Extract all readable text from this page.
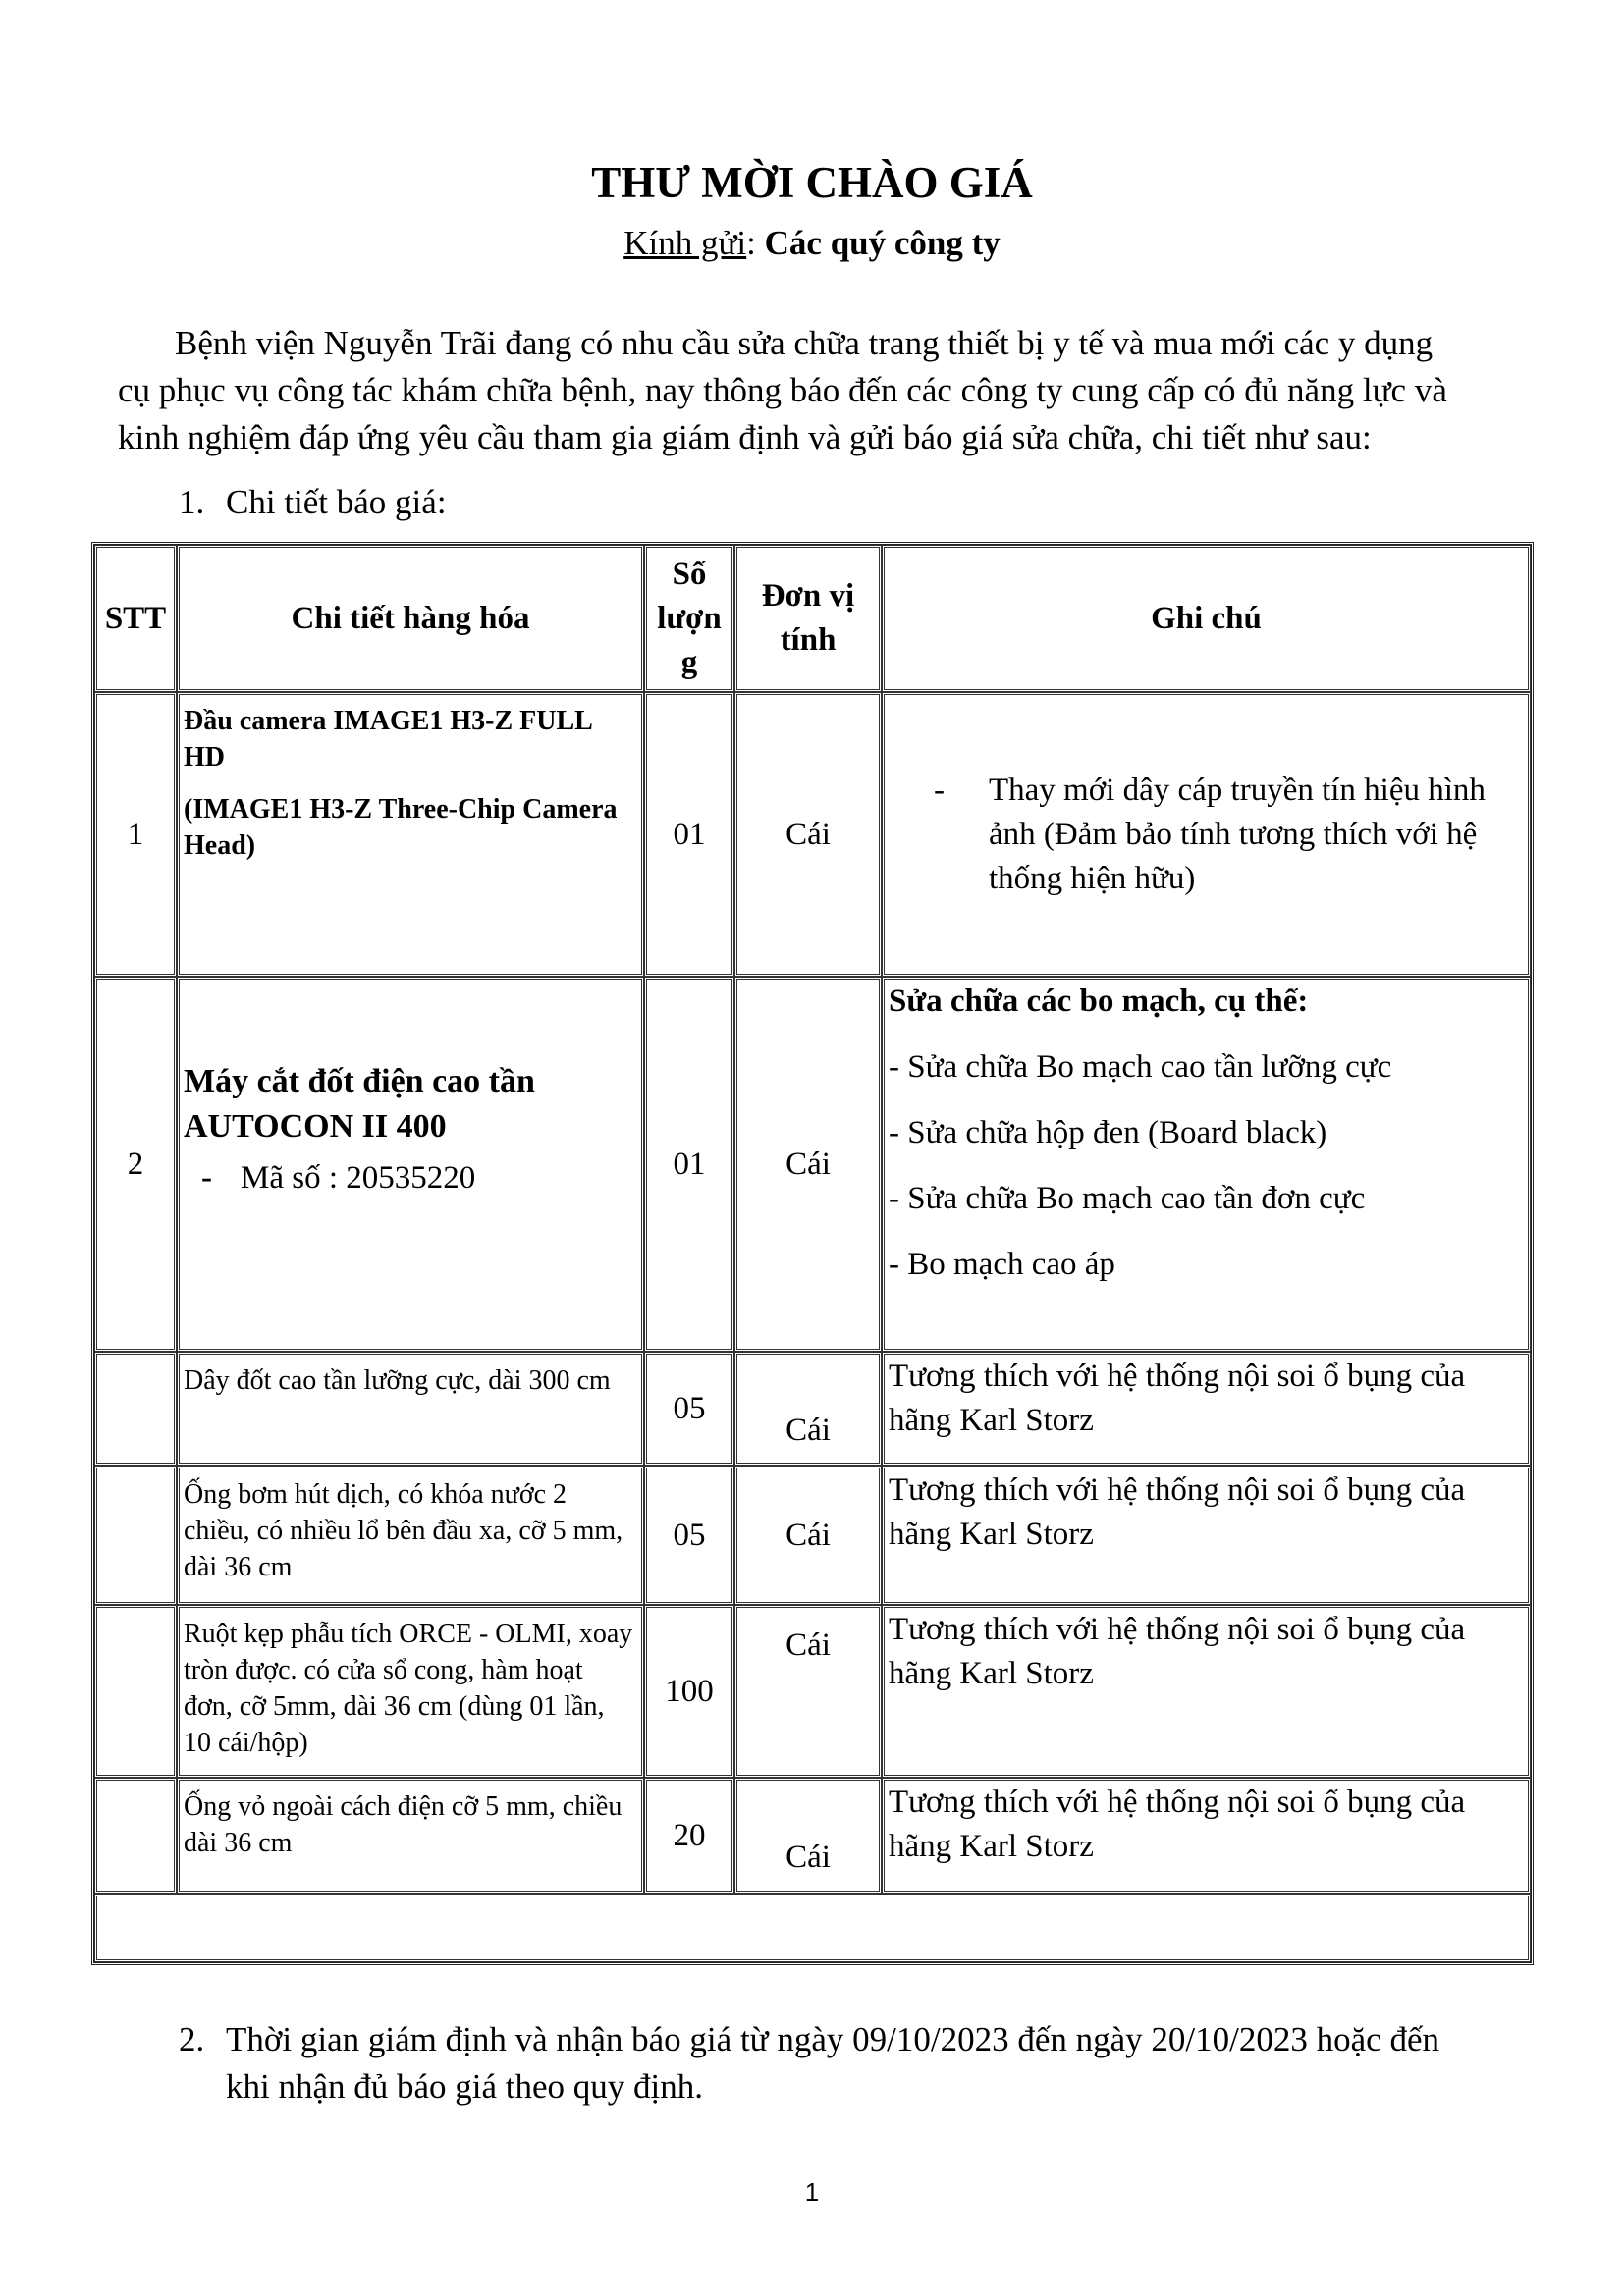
THƯ MỜI CHÀO GIÁ
Kính gửi: Các quý công ty
Bệnh viện Nguyễn Trãi đang có nhu cầu sửa chữa trang thiết bị y tế và mua mới các y dụng
cụ phục vụ công tác khám chữa bệnh, nay thông báo đến các công ty cung cấp có đủ năng lực và
kinh nghiệm đáp ứng yêu cầu tham gia giám định và gửi báo giá sửa chữa, chi tiết như sau:
1. Chi tiết báo giá:
STT	Chi tiết hàng hóa	Số
lượn
g	Đơn vị
tính	Ghi chú
1	Đầu camera IMAGE1 H3-Z FULL HD
(IMAGE1 H3-Z Three-Chip Camera Head)	01	Cái	- Thay mới dây cáp truyền tín hiệu hình ảnh (Đảm bảo tính tương thích với hệ thống hiện hữu)

2	Máy cắt đốt điện cao tần AUTOCON II 400
- Mã số : 20535220	01	Cái	Sửa chữa các bo mạch, cụ thể:
- Sửa chữa Bo mạch cao tần lưỡng cực
- Sửa chữa hộp đen (Board black)
- Sửa chữa Bo mạch cao tần đơn cực
- Bo mạch cao áp

	Dây đốt cao tần lưỡng cực, dài 300 cm	05	Cái	Tương thích với hệ thống nội soi ổ bụng của hãng Karl Storz
	Ống bơm hút dịch, có khóa nước 2 chiều, có nhiều lổ bên đầu xa, cỡ 5 mm, dài 36 cm	05	Cái	Tương thích với hệ thống nội soi ổ bụng của hãng Karl Storz
	Ruột kẹp phẫu tích ORCE - OLMI, xoay tròn được. có cửa sổ cong, hàm hoạt đơn, cỡ 5mm, dài 36 cm (dùng 01 lần, 10 cái/hộp)	100	Cái	Tương thích với hệ thống nội soi ổ bụng của hãng Karl Storz
	Ống vỏ ngoài cách điện cỡ 5 mm, chiều dài 36 cm	20	Cái	Tương thích với hệ thống nội soi ổ bụng của hãng Karl Storz

2. Thời gian giám định và nhận báo giá từ ngày 09/10/2023 đến ngày 20/10/2023 hoặc đến
khi nhận đủ báo giá theo quy định.
1
